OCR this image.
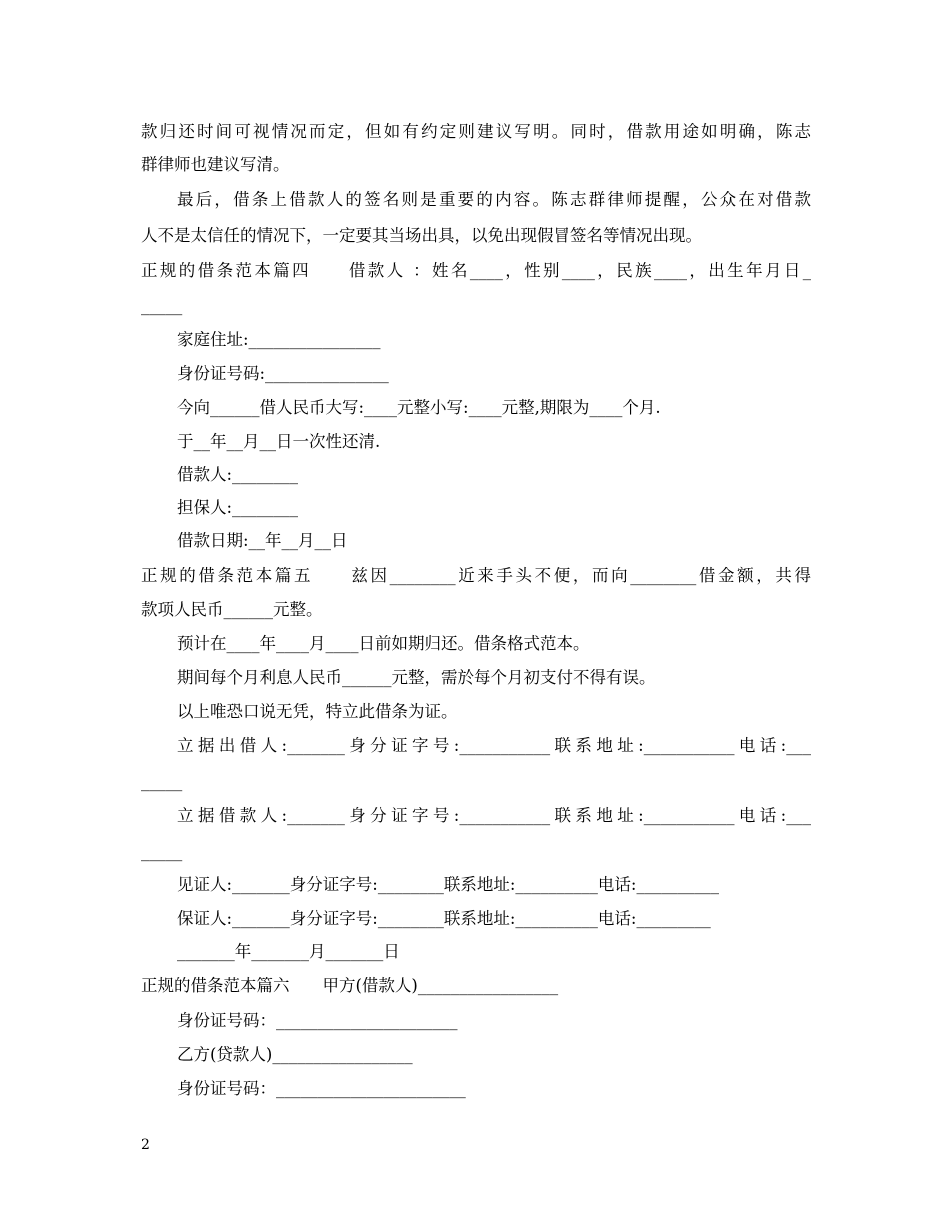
款归还时间可视情况而定，但如有约定则建议写明。同时，借款用途如明确，陈志
群律师也建议写清。
最后，借条上借款人的签名则是重要的内容。陈志群律师提醒，公众在对借款
人不是太信任的情况下，一定要其当场出具，以免出现假冒签名等情况出现。
正规的借条范本篇四　　借款人 ：姓名____，性别____，民族____，出生年月日_
_____
家庭住址:________________
身份证号码:_______________
今向______借人民币大写:____元整小写:____元整,期限为____个月.
于__年__月__日一次性还清.
借款人:________
担保人:________
借款日期:__年__月__日
正规的借条范本篇五　　兹因________近来手头不便，而向________借金额，共得
款项人民币______元整。
预计在____年____月____日前如期归还。借条格式范本。
期间每个月利息人民币______元整，需於每个月初支付不得有误。
以上唯恐口说无凭，特立此借条为证。
立据出借人:_______身分证字号:___________联系地址:___________电话:___
_____
立据借款人:_______身分证字号:___________联系地址:___________电话:___
_____
见证人:_______身分证字号:________联系地址:__________电话:__________
保证人:_______身分证字号:________联系地址:__________电话:_________
_______年_______月_______日
正规的借条范本篇六　　甲方(借款人)_________________
身份证号码：______________________
乙方(贷款人)_________________
身份证号码：_______________________
2
